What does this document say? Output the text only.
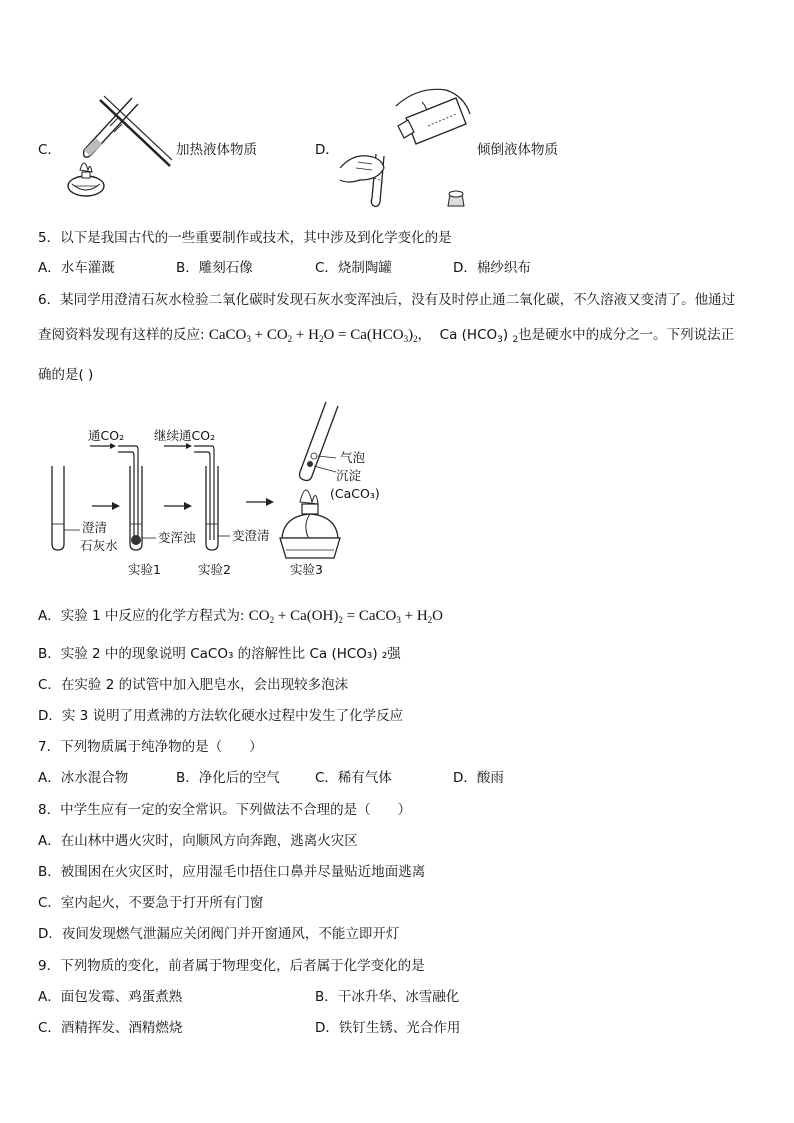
C．	加热液体物质	D．	倾倒液体物质
5．以下是我国古代的一些重要制作或技术，其中涉及到化学变化的是
A．水车灌溉	B．雕刻石像	C．烧制陶罐	D．棉纱织布
6．某同学用澄清石灰水检验二氧化碳时发现石灰水变浑浊后，没有及时停止通二氧化碳，不久溶液又变清了。他通过
查阅资料发现有这样的反应: CaCO$_3$ + $CO_2 + H_2O = Ca(HCO_3)_2$，  Ca $(HCO_3)$ $_2$也是硬水中的成分之一。下列说法正
确的是( )
通CO₂ 继续通CO₂
澄清
石灰水
变浑浊	变澄清
气泡
沉淀
(CaCO₃)
实验1	实验2	实验3
A．实验 1 中反应的化学方程式为: $CO_2 + Ca(OH)_2$ = CaCO$_3$ + $H_2O$
B．实验 2 中的现象说明 CaCO₃ 的溶解性比 Ca (HCO₃) ₂强
C．在实验 2 的试管中加入肥皂水，会出现较多泡沫
D．实 3 说明了用煮沸的方法软化硬水过程中发生了化学反应
7．下列物质属于纯净物的是（　　）
A．冰水混合物	B．净化后的空气	C．稀有气体	D．酸雨
8．中学生应有一定的安全常识。下列做法不合理的是（　　）
A．在山林中遇火灾时，向顺风方向奔跑，逃离火灾区
B．被围困在火灾区时，应用湿毛巾捂住口鼻并尽量贴近地面逃离
C．室内起火，不要急于打开所有门窗
D．夜间发现燃气泄漏应关闭阀门并开窗通风，不能立即开灯
9．下列物质的变化，前者属于物理变化，后者属于化学变化的是
A．面包发霉、鸡蛋煮熟	B．干冰升华、冰雪融化
C．酒精挥发、酒精燃烧	D．铁钉生锈、光合作用
